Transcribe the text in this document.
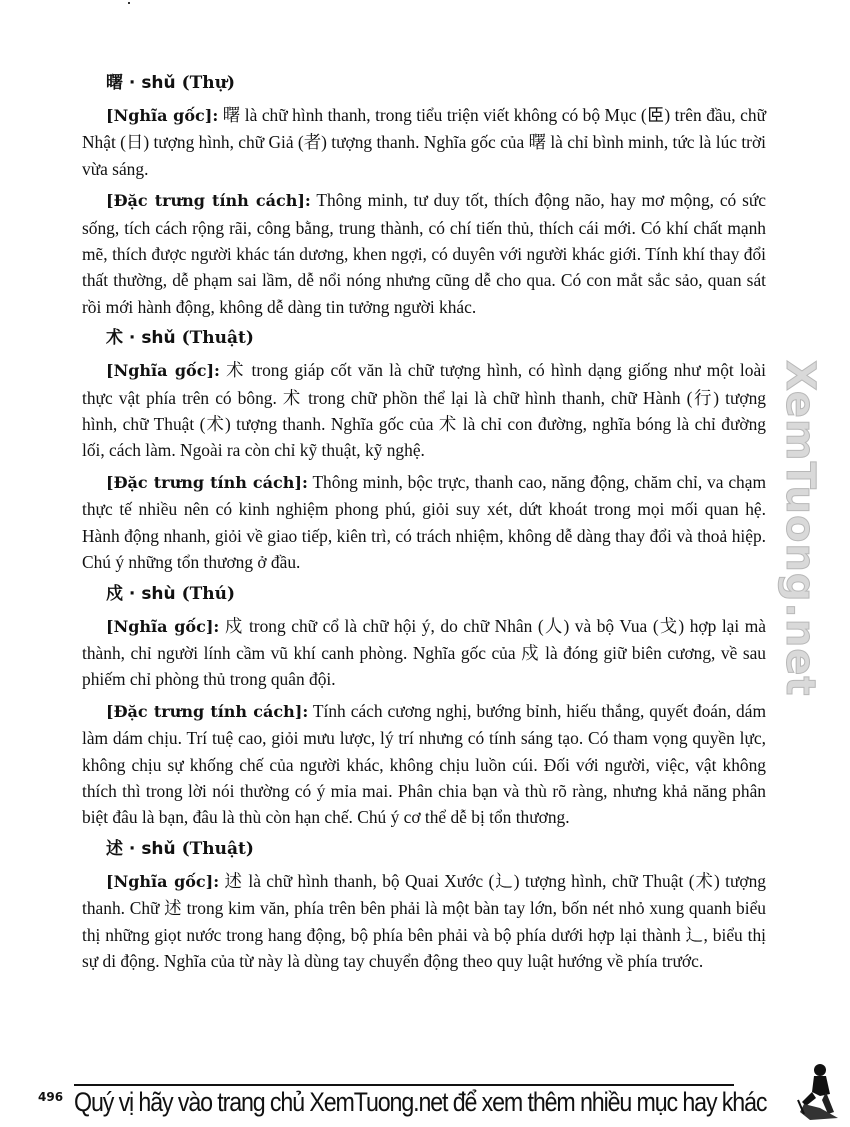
XemTuong.net
曙 · shǔ (Thự)

[Nghĩa gốc]: 曙 là chữ hình thanh, trong tiểu triện viết không có bộ Mục (𦣞) trên đầu, chữ Nhật (日) tượng hình, chữ Giả (者) tượng thanh. Nghĩa gốc của 曙 là chỉ bình minh, tức là lúc trời vừa sáng.

[Đặc trưng tính cách]: Thông minh, tư duy tốt, thích động não, hay mơ mộng, có sức sống, tích cách rộng rãi, công bằng, trung thành, có chí tiến thủ, thích cái mới. Có khí chất mạnh mẽ, thích được người khác tán dương, khen ngợi, có duyên với người khác giới. Tính khí thay đổi thất thường, dễ phạm sai lầm, dễ nổi nóng nhưng cũng dễ cho qua. Có con mắt sắc sảo, quan sát rồi mới hành động, không dễ dàng tin tưởng người khác.

术 · shǔ (Thuật)

[Nghĩa gốc]: 术 trong giáp cốt văn là chữ tượng hình, có hình dạng giống như một loài thực vật phía trên có bông. 术 trong chữ phồn thể lại là chữ hình thanh, chữ Hành (行) tượng hình, chữ Thuật (术) tượng thanh. Nghĩa gốc của 术 là chỉ con đường, nghĩa bóng là chỉ đường lối, cách làm. Ngoài ra còn chỉ kỹ thuật, kỹ nghệ.

[Đặc trưng tính cách]: Thông minh, bộc trực, thanh cao, năng động, chăm chỉ, va chạm thực tế nhiều nên có kinh nghiệm phong phú, giỏi suy xét, dứt khoát trong mọi mối quan hệ. Hành động nhanh, giỏi về giao tiếp, kiên trì, có trách nhiệm, không dễ dàng thay đổi và thoả hiệp. Chú ý những tổn thương ở đầu.

戍 · shù (Thú)

[Nghĩa gốc]: 戍 trong chữ cổ là chữ hội ý, do chữ Nhân (人) và bộ Vua (戈) hợp lại mà thành, chỉ người lính cầm vũ khí canh phòng. Nghĩa gốc của 戍 là đóng giữ biên cương, về sau phiếm chỉ phòng thủ trong quân đội.

[Đặc trưng tính cách]: Tính cách cương nghị, bướng bỉnh, hiếu thắng, quyết đoán, dám làm dám chịu. Trí tuệ cao, giỏi mưu lược, lý trí nhưng có tính sáng tạo. Có tham vọng quyền lực, không chịu sự khống chế của người khác, không chịu luồn cúi. Đối với người, việc, vật không thích thì trong lời nói thường có ý mỉa mai. Phân chia bạn và thù rõ ràng, nhưng khả năng phân biệt đâu là bạn, đâu là thù còn hạn chế. Chú ý cơ thể dễ bị tổn thương.

述 · shǔ (Thuật)

[Nghĩa gốc]: 述 là chữ hình thanh, bộ Quai Xước (辶) tượng hình, chữ Thuật (术) tượng thanh. Chữ 述 trong kim văn, phía trên bên phải là một bàn tay lớn, bốn nét nhỏ xung quanh biểu thị những giọt nước trong hang động, bộ phía bên phải và bộ phía dưới hợp lại thành 辶, biểu thị sự di động. Nghĩa của từ này là dùng tay chuyển động theo quy luật hướng về phía trước.

496 Quý vị hãy vào trang chủ XemTuong.net để xem thêm nhiều mục hay khác
